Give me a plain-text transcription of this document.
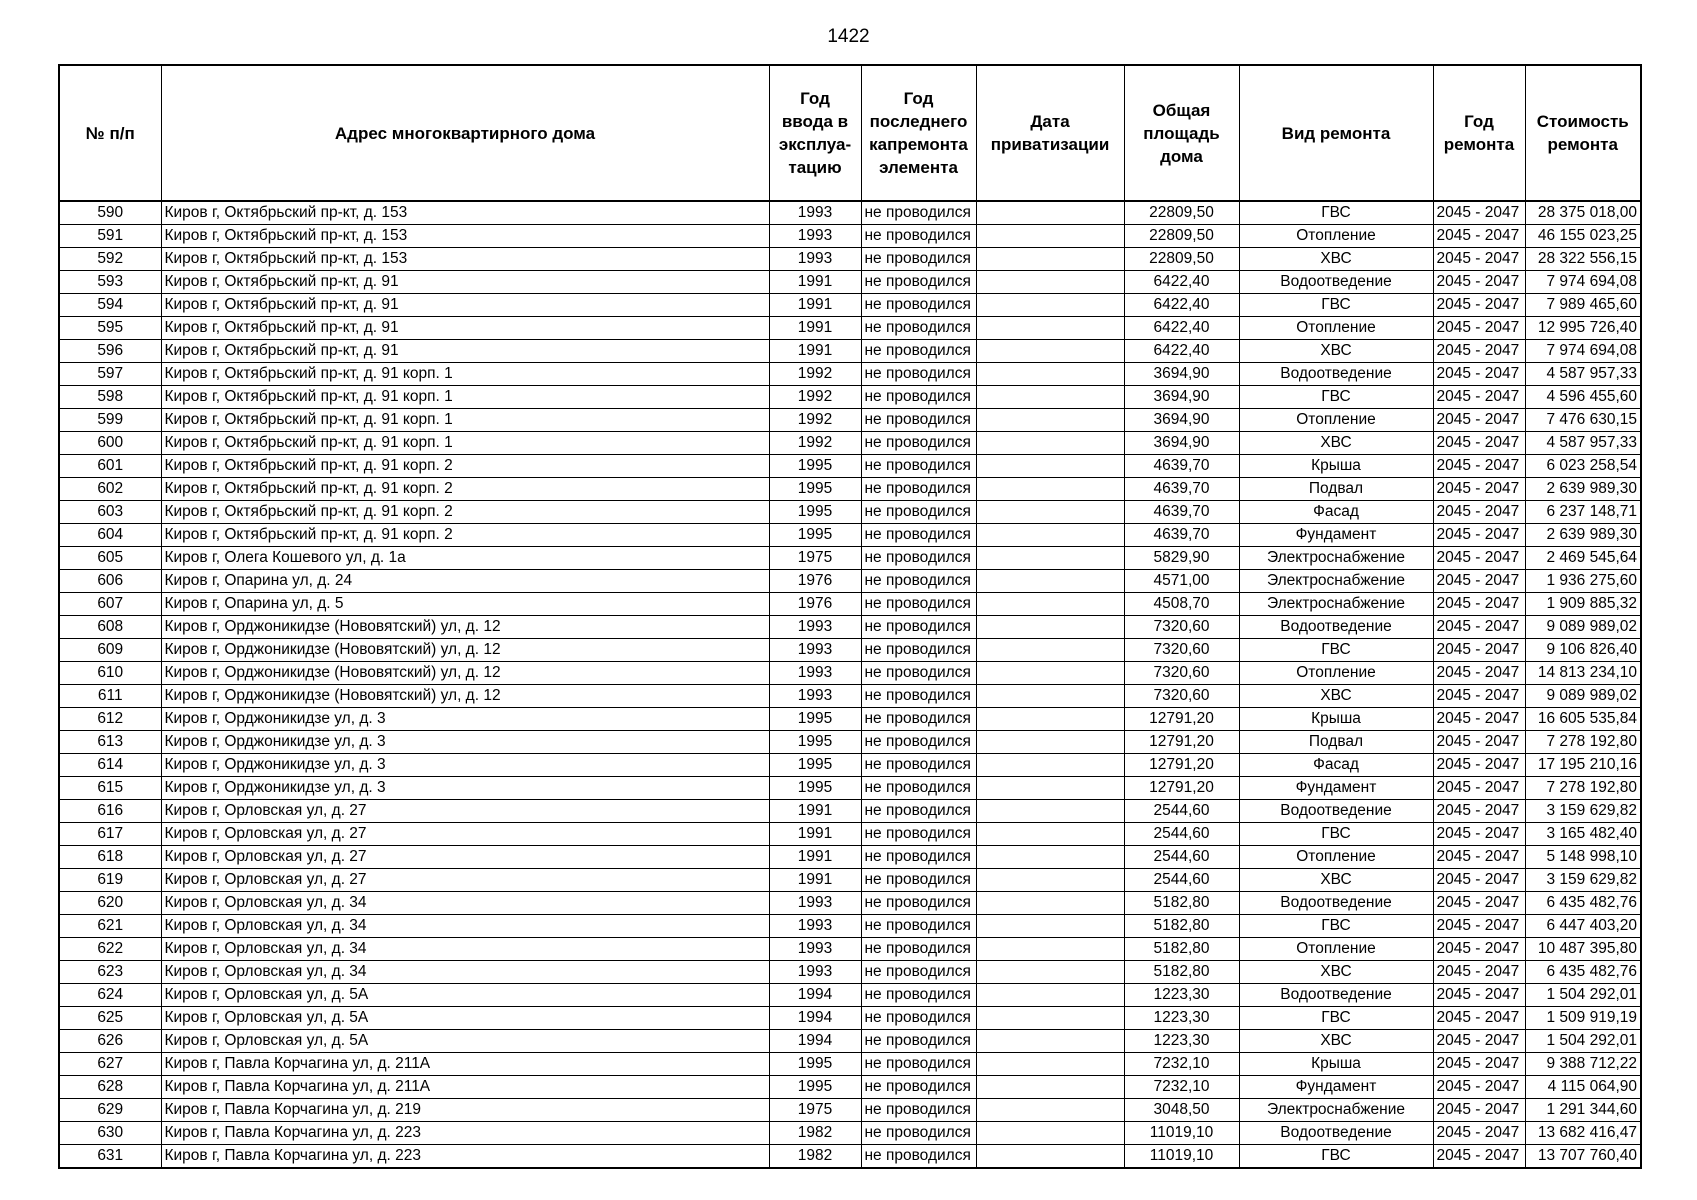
1422
№ п/п	Адрес многоквартирного дома	Год ввода в эксплуа-тацию	Год последнего капремонта элемента	Дата приватизации	Общая площадь дома	Вид ремонта	Год ремонта	Стоимость ремонта
590	Киров г, Октябрьский пр-кт, д. 153	1993	не проводился		22809,50	ГВС	2045 - 2047	28 375 018,00
591	Киров г, Октябрьский пр-кт, д. 153	1993	не проводился		22809,50	Отопление	2045 - 2047	46 155 023,25
592	Киров г, Октябрьский пр-кт, д. 153	1993	не проводился		22809,50	ХВС	2045 - 2047	28 322 556,15
593	Киров г, Октябрьский пр-кт, д. 91	1991	не проводился		6422,40	Водоотведение	2045 - 2047	7 974 694,08
594	Киров г, Октябрьский пр-кт, д. 91	1991	не проводился		6422,40	ГВС	2045 - 2047	7 989 465,60
595	Киров г, Октябрьский пр-кт, д. 91	1991	не проводился		6422,40	Отопление	2045 - 2047	12 995 726,40
596	Киров г, Октябрьский пр-кт, д. 91	1991	не проводился		6422,40	ХВС	2045 - 2047	7 974 694,08
597	Киров г, Октябрьский пр-кт, д. 91 корп. 1	1992	не проводился		3694,90	Водоотведение	2045 - 2047	4 587 957,33
598	Киров г, Октябрьский пр-кт, д. 91 корп. 1	1992	не проводился		3694,90	ГВС	2045 - 2047	4 596 455,60
599	Киров г, Октябрьский пр-кт, д. 91 корп. 1	1992	не проводился		3694,90	Отопление	2045 - 2047	7 476 630,15
600	Киров г, Октябрьский пр-кт, д. 91 корп. 1	1992	не проводился		3694,90	ХВС	2045 - 2047	4 587 957,33
601	Киров г, Октябрьский пр-кт, д. 91 корп. 2	1995	не проводился		4639,70	Крыша	2045 - 2047	6 023 258,54
602	Киров г, Октябрьский пр-кт, д. 91 корп. 2	1995	не проводился		4639,70	Подвал	2045 - 2047	2 639 989,30
603	Киров г, Октябрьский пр-кт, д. 91 корп. 2	1995	не проводился		4639,70	Фасад	2045 - 2047	6 237 148,71
604	Киров г, Октябрьский пр-кт, д. 91 корп. 2	1995	не проводился		4639,70	Фундамент	2045 - 2047	2 639 989,30
605	Киров г, Олега Кошевого ул, д. 1а	1975	не проводился		5829,90	Электроснабжение	2045 - 2047	2 469 545,64
606	Киров г, Опарина ул, д. 24	1976	не проводился		4571,00	Электроснабжение	2045 - 2047	1 936 275,60
607	Киров г, Опарина ул, д. 5	1976	не проводился		4508,70	Электроснабжение	2045 - 2047	1 909 885,32
608	Киров г, Орджоникидзе (Нововятский) ул, д. 12	1993	не проводился		7320,60	Водоотведение	2045 - 2047	9 089 989,02
609	Киров г, Орджоникидзе (Нововятский) ул, д. 12	1993	не проводился		7320,60	ГВС	2045 - 2047	9 106 826,40
610	Киров г, Орджоникидзе (Нововятский) ул, д. 12	1993	не проводился		7320,60	Отопление	2045 - 2047	14 813 234,10
611	Киров г, Орджоникидзе (Нововятский) ул, д. 12	1993	не проводился		7320,60	ХВС	2045 - 2047	9 089 989,02
612	Киров г, Орджоникидзе ул, д. 3	1995	не проводился		12791,20	Крыша	2045 - 2047	16 605 535,84
613	Киров г, Орджоникидзе ул, д. 3	1995	не проводился		12791,20	Подвал	2045 - 2047	7 278 192,80
614	Киров г, Орджоникидзе ул, д. 3	1995	не проводился		12791,20	Фасад	2045 - 2047	17 195 210,16
615	Киров г, Орджоникидзе ул, д. 3	1995	не проводился		12791,20	Фундамент	2045 - 2047	7 278 192,80
616	Киров г, Орловская ул, д. 27	1991	не проводился		2544,60	Водоотведение	2045 - 2047	3 159 629,82
617	Киров г, Орловская ул, д. 27	1991	не проводился		2544,60	ГВС	2045 - 2047	3 165 482,40
618	Киров г, Орловская ул, д. 27	1991	не проводился		2544,60	Отопление	2045 - 2047	5 148 998,10
619	Киров г, Орловская ул, д. 27	1991	не проводился		2544,60	ХВС	2045 - 2047	3 159 629,82
620	Киров г, Орловская ул, д. 34	1993	не проводился		5182,80	Водоотведение	2045 - 2047	6 435 482,76
621	Киров г, Орловская ул, д. 34	1993	не проводился		5182,80	ГВС	2045 - 2047	6 447 403,20
622	Киров г, Орловская ул, д. 34	1993	не проводился		5182,80	Отопление	2045 - 2047	10 487 395,80
623	Киров г, Орловская ул, д. 34	1993	не проводился		5182,80	ХВС	2045 - 2047	6 435 482,76
624	Киров г, Орловская ул, д. 5А	1994	не проводился		1223,30	Водоотведение	2045 - 2047	1 504 292,01
625	Киров г, Орловская ул, д. 5А	1994	не проводился		1223,30	ГВС	2045 - 2047	1 509 919,19
626	Киров г, Орловская ул, д. 5А	1994	не проводился		1223,30	ХВС	2045 - 2047	1 504 292,01
627	Киров г, Павла Корчагина ул, д. 211А	1995	не проводился		7232,10	Крыша	2045 - 2047	9 388 712,22
628	Киров г, Павла Корчагина ул, д. 211А	1995	не проводился		7232,10	Фундамент	2045 - 2047	4 115 064,90
629	Киров г, Павла Корчагина ул, д. 219	1975	не проводился		3048,50	Электроснабжение	2045 - 2047	1 291 344,60
630	Киров г, Павла Корчагина ул, д. 223	1982	не проводился		11019,10	Водоотведение	2045 - 2047	13 682 416,47
631	Киров г, Павла Корчагина ул, д. 223	1982	не проводился		11019,10	ГВС	2045 - 2047	13 707 760,40
